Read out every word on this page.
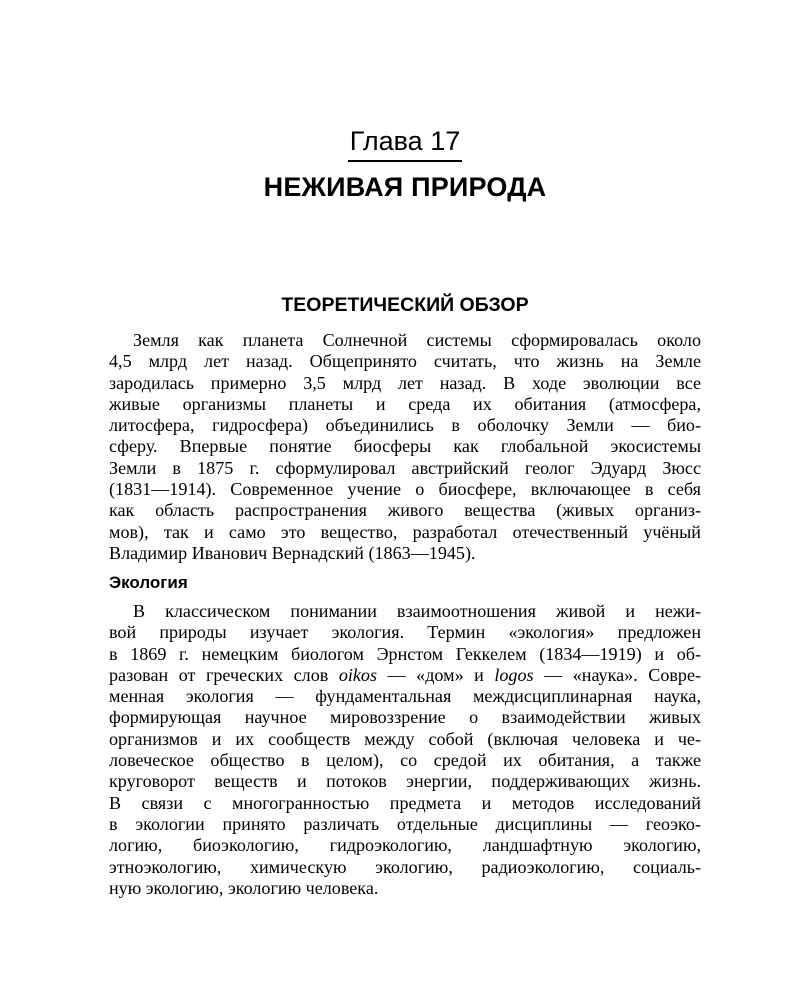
Глава 17
НЕЖИВАЯ ПРИРОДА
ТЕОРЕТИЧЕСКИЙ ОБЗОР

Земля как планета Солнечной системы сформировалась около
4,5 млрд лет назад. Общепринято считать, что жизнь на Земле
зародилась примерно 3,5 млрд лет назад. В ходе эволюции все
живые организмы планеты и среда их обитания (атмосфера,
литосфера, гидросфера) объединились в оболочку Земли — био-
сферу. Впервые понятие биосферы как глобальной экосистемы
Земли в 1875 г. сформулировал австрийский геолог Эдуард Зюсс
(1831—1914). Современное учение о биосфере, включающее в себя
как область распространения живого вещества (живых организ-
мов), так и само это вещество, разработал отечественный учёный
Владимир Иванович Вернадский (1863—1945).

Экология

В классическом понимании взаимоотношения живой и нежи-
вой природы изучает экология. Термин «экология» предложен
в 1869 г. немецким биологом Эрнстом Геккелем (1834—1919) и об-
разован от греческих слов oikos — «дом» и logos — «наука». Совре-
менная экология — фундаментальная междисциплинарная наука,
формирующая научное мировоззрение о взаимодействии живых
организмов и их сообществ между собой (включая человека и че-
ловеческое общество в целом), со средой их обитания, а также
круговорот веществ и потоков энергии, поддерживающих жизнь.
В связи с многогранностью предмета и методов исследований
в экологии принято различать отдельные дисциплины — геоэко-
логию, биоэкологию, гидроэкологию, ландшафтную экологию,
этноэкологию, химическую экологию, радиоэкологию, социаль-
ную экологию, экологию человека.
